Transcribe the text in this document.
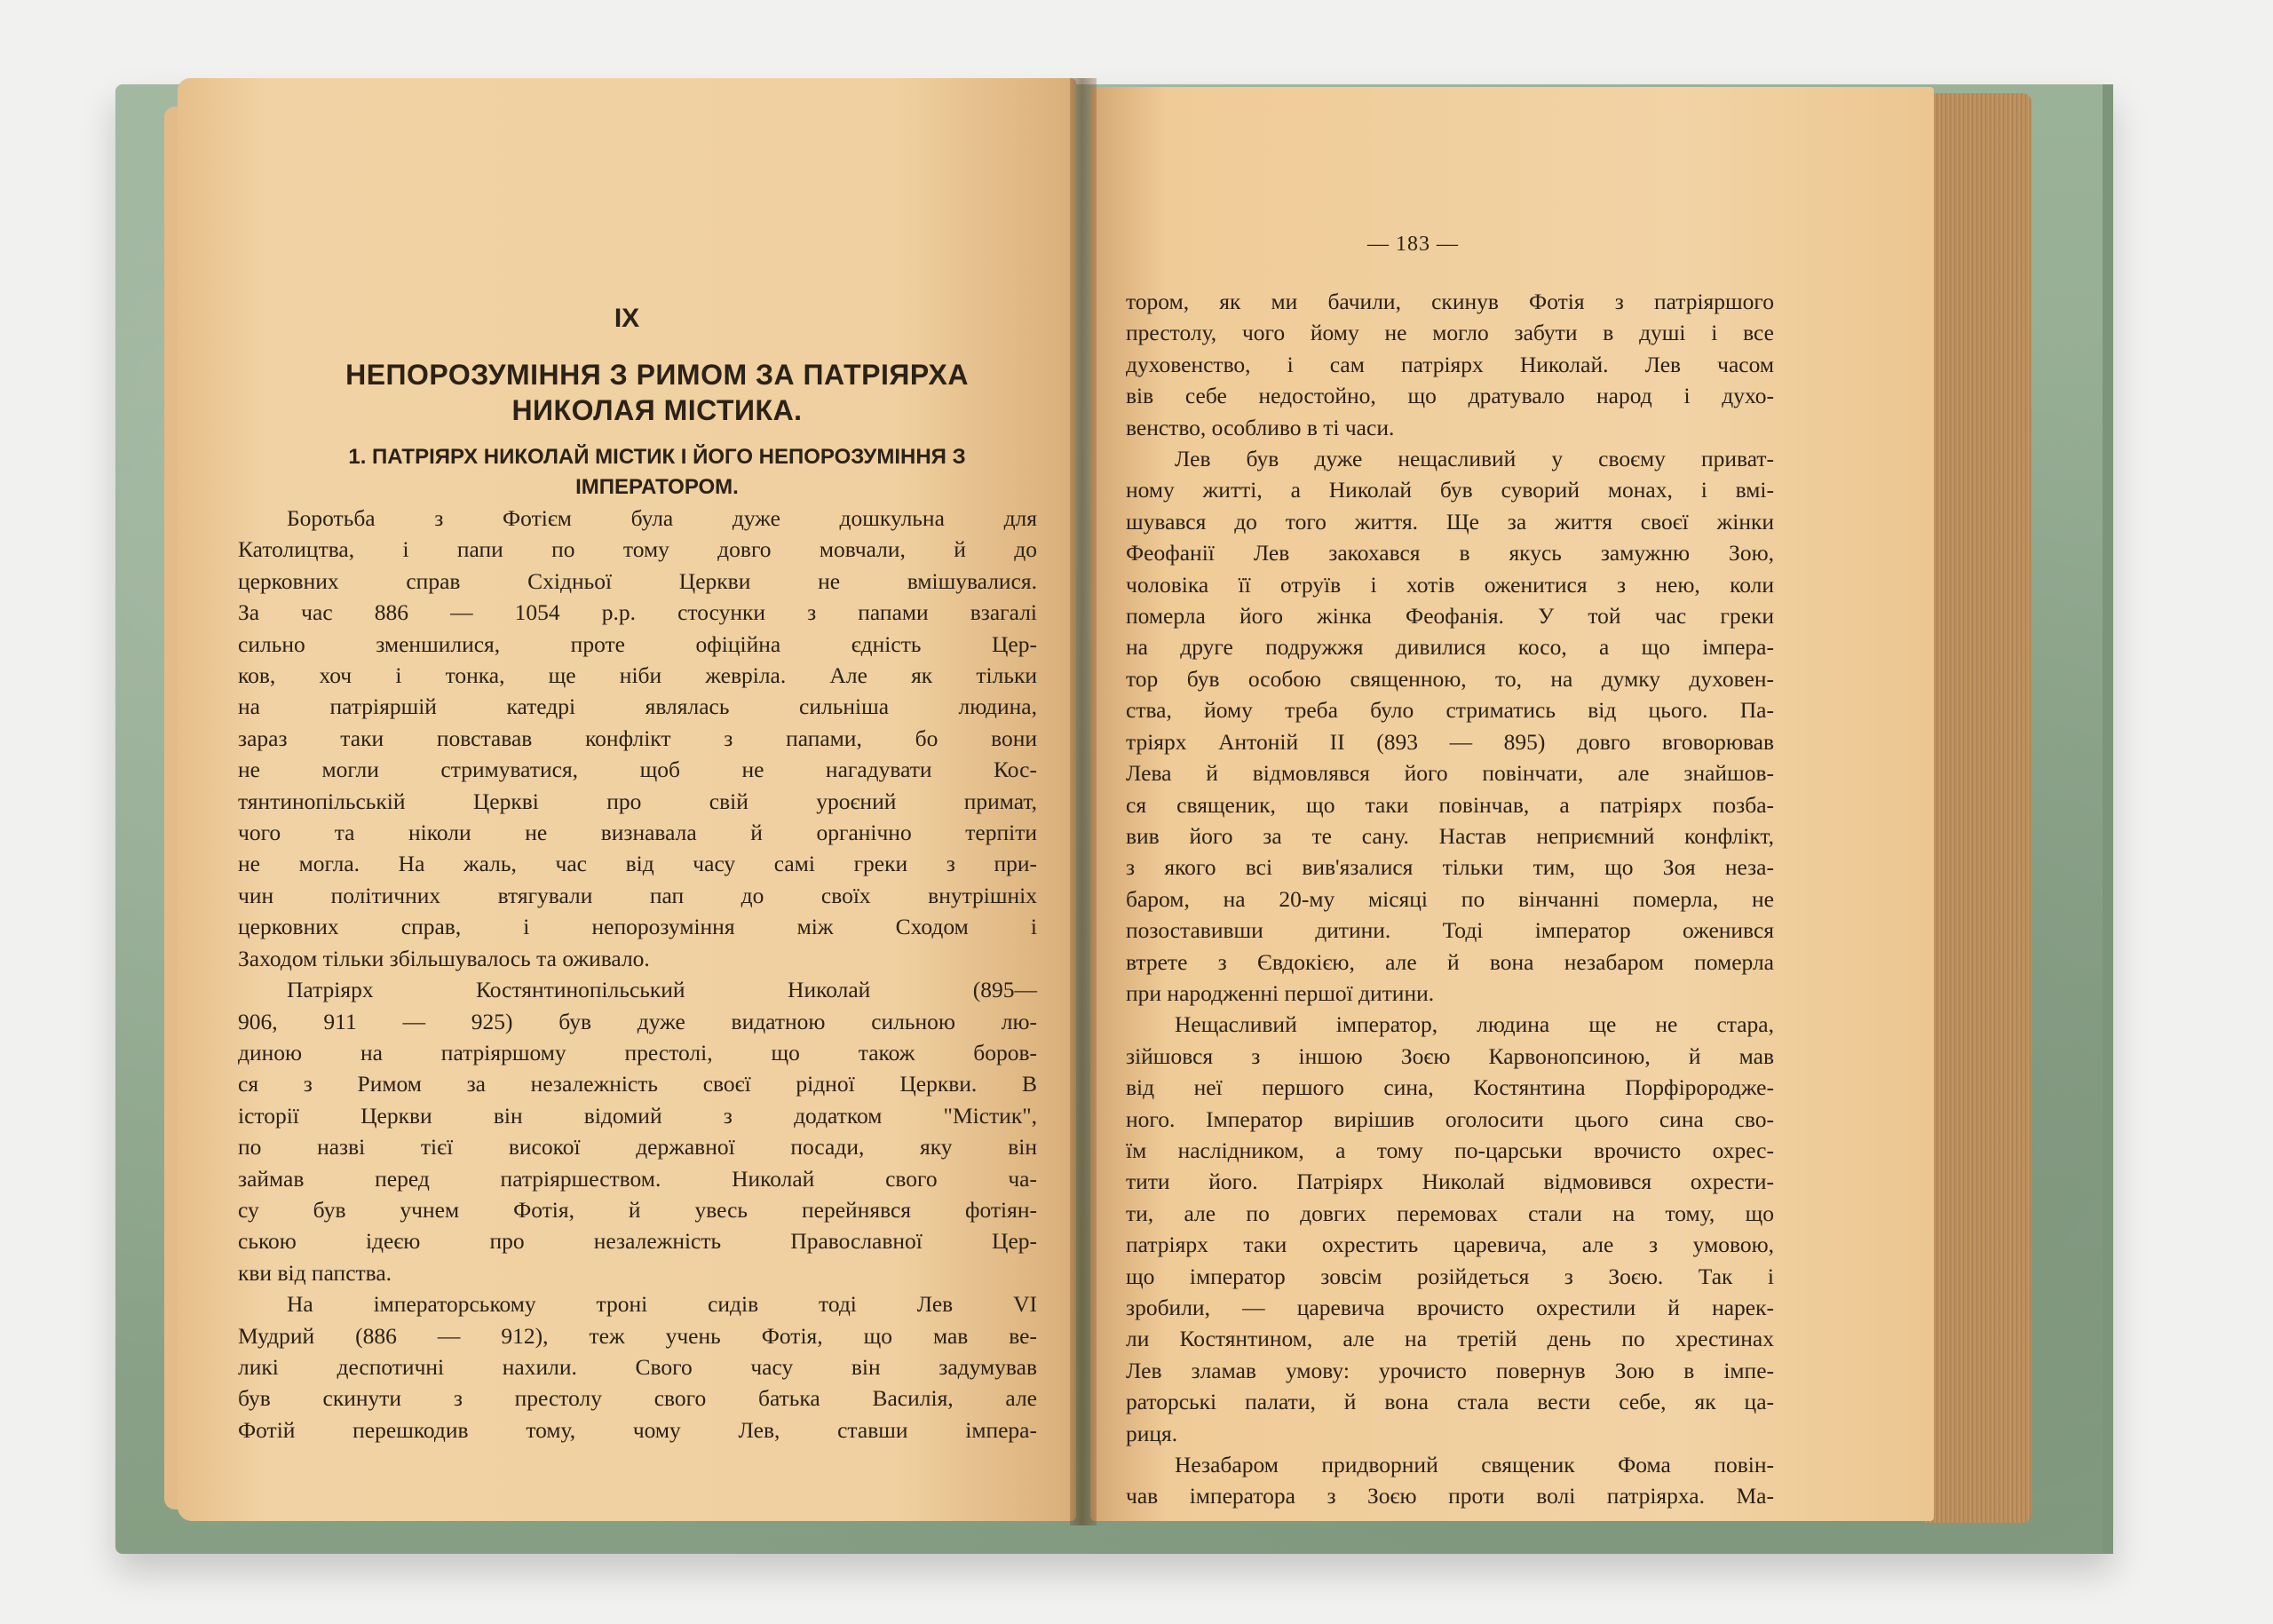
IX
НЕПОРОЗУМІННЯ З РИМОМ ЗА ПАТРІЯРХА НИКОЛАЯ МІСТИКА.
1. ПАТРІЯРХ НИКОЛАЙ МІСТИК І ЙОГО НЕПОРОЗУМІННЯ З ІМПЕРАТОРОМ.
Боротьба з Фотієм була дуже дошкульна для
Католицтва, і папи по тому довго мовчали, й до
церковних справ Східньої Церкви не вмішувалися.
За час 886 — 1054 р.р. стосунки з папами взагалі
сильно зменшилися, проте офіційна єдність Цер-
ков, хоч і тонка, ще ніби жевріла. Але як тільки
на патріяршій катедрі являлась сильніша людина,
зараз таки повставав конфлікт з папами, бо вони
не могли стримуватися, щоб не нагадувати Кос-
тянтинопільській Церкві про свій уроєний примат,
чого та ніколи не визнавала й органічно терпіти
не могла. На жаль, час від часу самі греки з при-
чин політичних втягували пап до своїх внутрішніх
церковних справ, і непорозуміння між Сходом і
Заходом тільки збільшувалось та оживало.
Патріярх Костянтинопільський Николай (895—
906, 911 — 925) був дуже видатною сильною лю-
диною на патріяршому престолі, що також боров-
ся з Римом за незалежність своєї рідної Церкви. В
історії Церкви він відомий з додатком "Містик",
по назві тієї високої державної посади, яку він
займав перед патріяршеством. Николай свого ча-
су був учнем Фотія, й увесь перейнявся фотіян-
ською ідеєю про незалежність Православної Цер-
кви від папства.
На імператорському троні сидів тоді Лев VI
Мудрий (886 — 912), теж учень Фотія, що мав ве-
ликі деспотичні нахили. Свого часу він задумував
був скинути з престолу свого батька Василія, але
Фотій перешкодив тому, чому Лев, ставши імпера-
— 183 —
тором, як ми бачили, скинув Фотія з патріяршого
престолу, чого йому не могло забути в душі і все
духовенство, і сам патріярх Николай. Лев часом
вів себе недостойно, що дратувало народ і духо-
венство, особливо в ті часи.
Лев був дуже нещасливий у своєму приват-
ному житті, а Николай був суворий монах, і вмі-
шувався до того життя. Ще за життя своєї жінки
Феофанії Лев закохався в якусь замужню Зою,
чоловіка її отруїв і хотів оженитися з нею, коли
померла його жінка Феофанія. У той час греки
на друге подружжя дивилися косо, а що імпера-
тор був особою священною, то, на думку духовен-
ства, йому треба було стриматись від цього. Па-
тріярх Антоній ІІ (893 — 895) довго вговорював
Лева й відмовлявся його повінчати, але знайшов-
ся священик, що таки повінчав, а патріярх позба-
вив його за те сану. Настав неприємний конфлікт,
з якого всі вив'язалися тільки тим, що Зоя неза-
баром, на 20-му місяці по вінчанні померла, не
позоставивши дитини. Тоді імператор оженився
втрете з Євдокією, але й вона незабаром померла
при народженні першої дитини.
Нещасливий імператор, людина ще не стара,
зійшовся з іншою Зоєю Карвонопсиною, й мав
від неї першого сина, Костянтина Порфірородже-
ного. Імператор вирішив оголосити цього сина сво-
їм наслідником, а тому по-царськи врочисто охрес-
тити його. Патріярх Николай відмовився охрести-
ти, але по довгих перемовах стали на тому, що
патріярх таки охрестить царевича, але з умовою,
що імператор зовсім розійдеться з Зоєю. Так і
зробили, — царевича врочисто охрестили й нарек-
ли Костянтином, але на третій день по хрестинах
Лев зламав умову: урочисто повернув Зою в імпе-
раторські палати, й вона стала вести себе, як ца-
риця.
Незабаром придворний священик Фома повін-
чав імператора з Зоєю проти волі патріярха. Ма-
